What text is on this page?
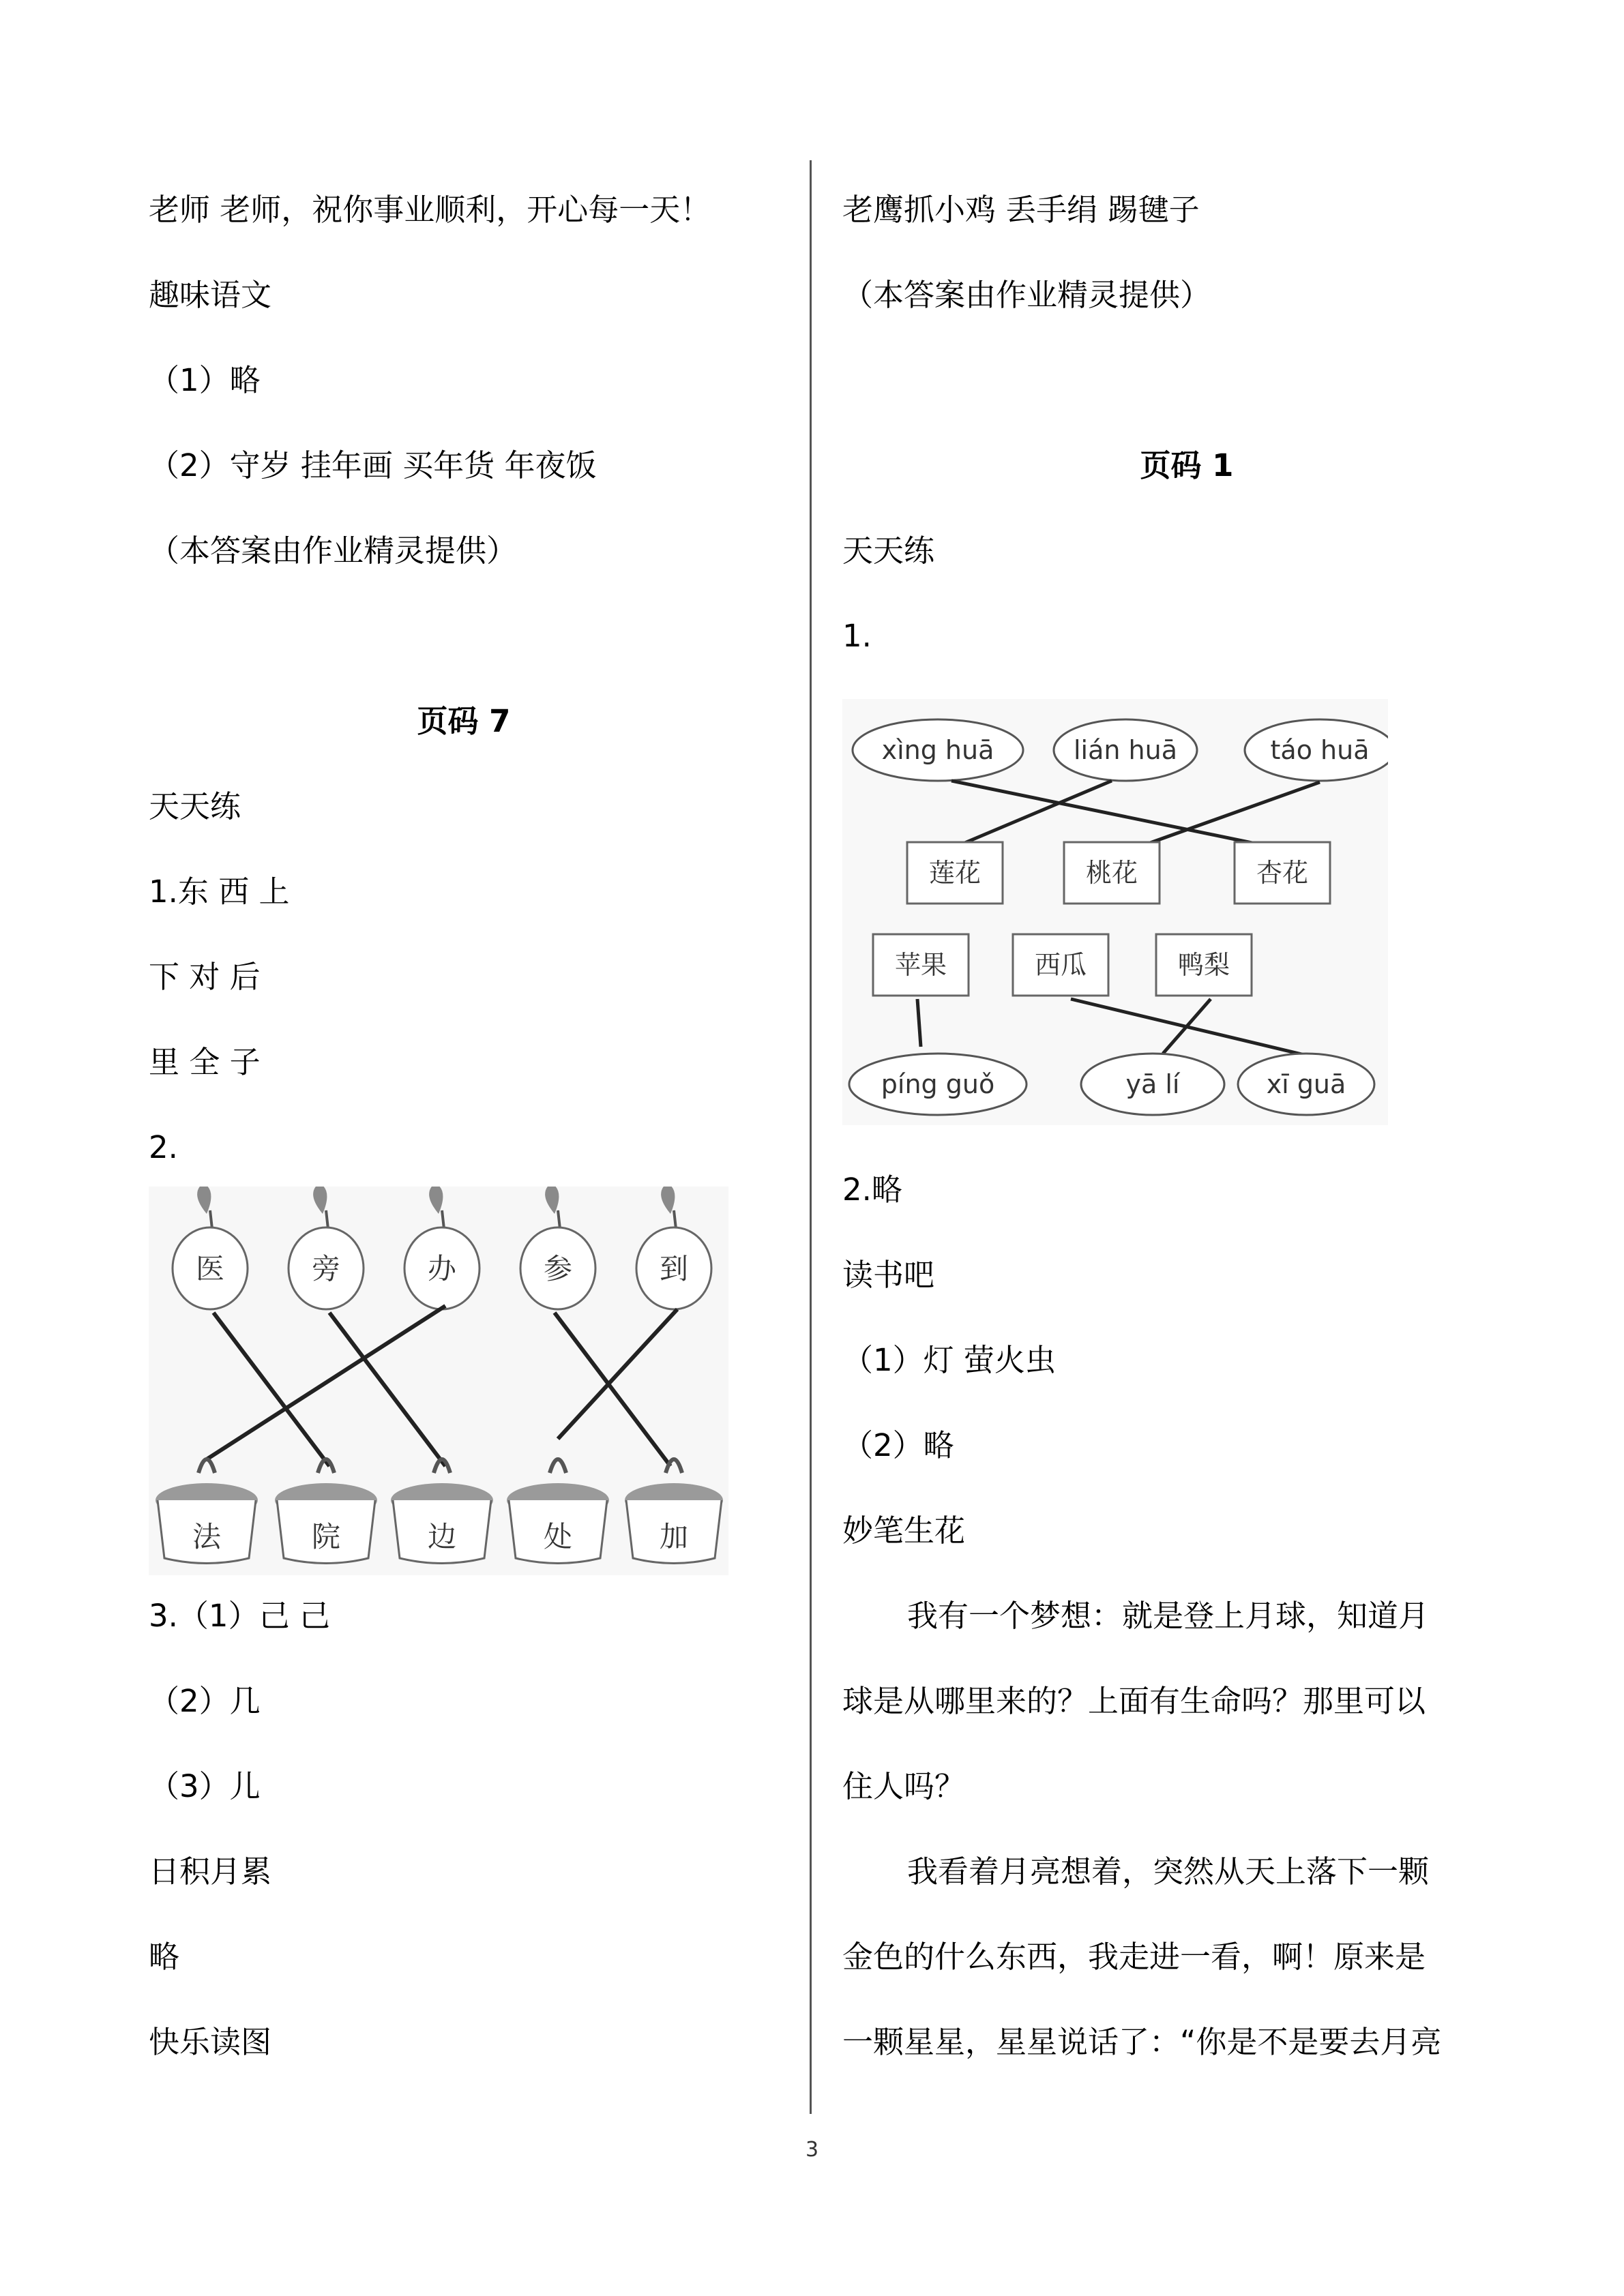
老师 老师，祝你事业顺利，开心每一天！
趣味语文
（1）略
（2）守岁 挂年画 买年货 年夜饭
（本答案由作业精灵提供）
页码 7
天天练
1.东 西 上
下 对 后
里 全 子
2.
医	旁	办	参	到
法	院	边	处	加
3.（1）己 己
（2）几
（3）儿
日积月累
略
快乐读图
老鹰抓小鸡 丢手绢 踢毽子
（本答案由作业精灵提供）
页码 1
天天练
1.
xìng huā	lián huā	táo huā
莲花	桃花	杏花
苹果	西瓜	鸭梨
píng guǒ	yā lí	xī guā
2.略
读书吧
（1）灯 萤火虫
（2）略
妙笔生花
我有一个梦想：就是登上月球，知道月
球是从哪里来的？上面有生命吗？那里可以
住人吗？
我看着月亮想着，突然从天上落下一颗
金色的什么东西，我走进一看，啊！原来是
一颗星星，星星说话了：“你是不是要去月亮
3
